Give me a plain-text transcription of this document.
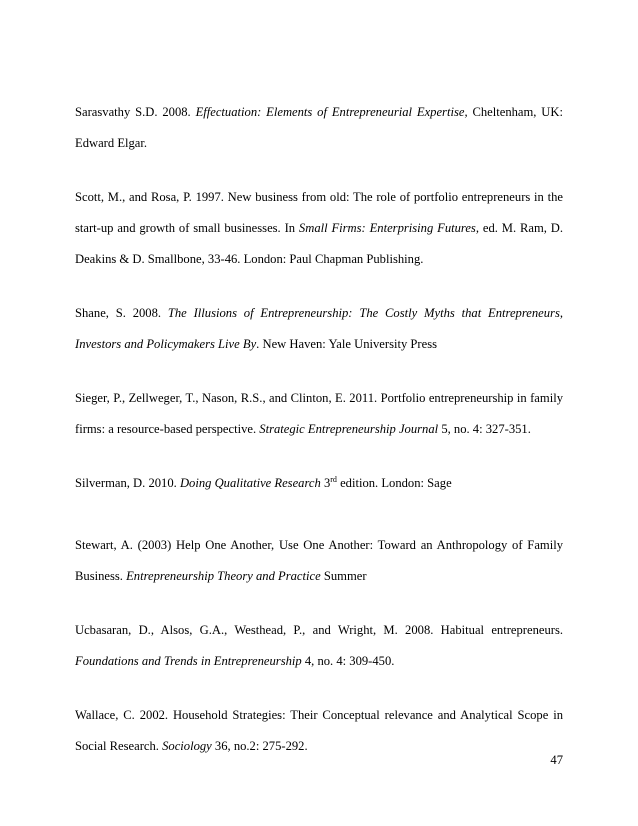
Sarasvathy S.D. 2008. Effectuation: Elements of Entrepreneurial Expertise, Cheltenham, UK: Edward Elgar.

Scott, M., and Rosa, P. 1997. New business from old: The role of portfolio entrepreneurs in the start-up and growth of small businesses. In Small Firms: Enterprising Futures, ed. M. Ram, D. Deakins & D. Smallbone, 33-46. London: Paul Chapman Publishing.

Shane, S. 2008. The Illusions of Entrepreneurship: The Costly Myths that Entrepreneurs, Investors and Policymakers Live By. New Haven: Yale University Press

Sieger, P., Zellweger, T., Nason, R.S., and Clinton, E. 2011. Portfolio entrepreneurship in family firms: a resource-based perspective. Strategic Entrepreneurship Journal 5, no. 4: 327-351.

Silverman, D. 2010. Doing Qualitative Research 3rd edition. London: Sage

Stewart, A. (2003) Help One Another, Use One Another: Toward an Anthropology of Family Business. Entrepreneurship Theory and Practice Summer

Ucbasaran, D., Alsos, G.A., Westhead, P., and Wright, M. 2008. Habitual entrepreneurs. Foundations and Trends in Entrepreneurship 4, no. 4: 309-450.

Wallace, C. 2002. Household Strategies: Their Conceptual relevance and Analytical Scope in Social Research. Sociology 36, no.2: 275-292.

47
